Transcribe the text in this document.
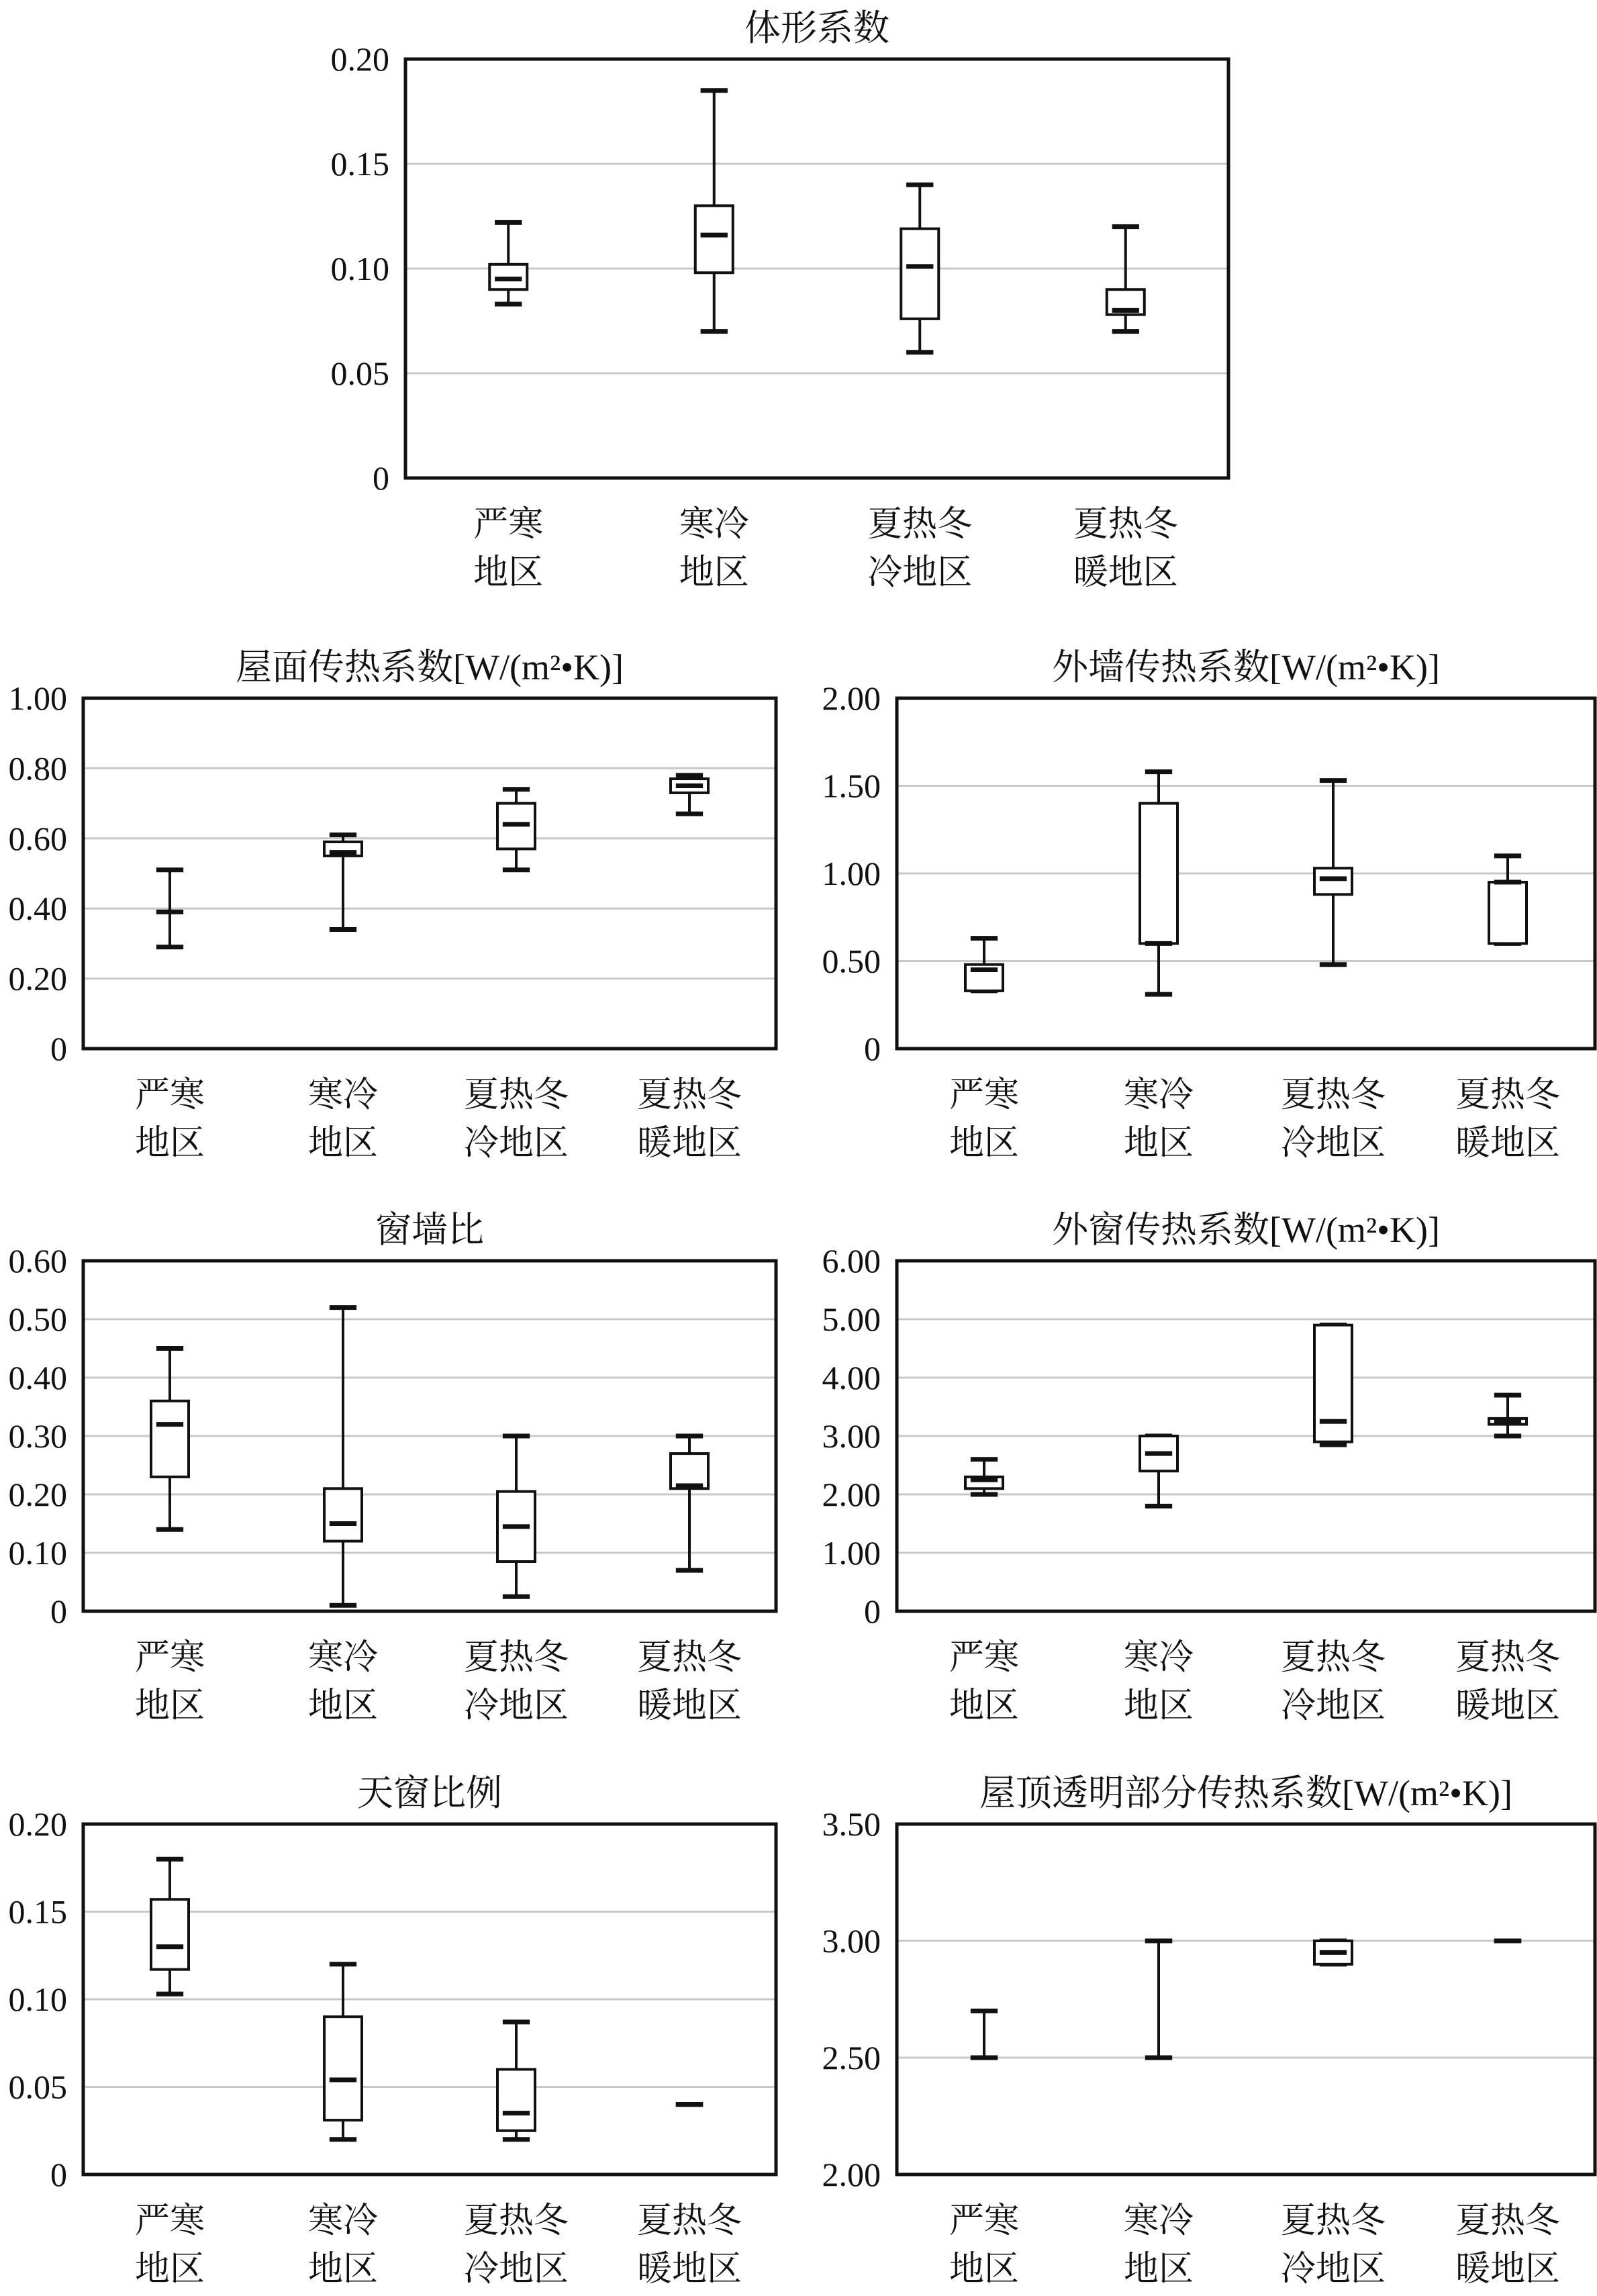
0
0.05
0.10
0.15
0.20
体形系数
严寒
地区
寒冷
地区
夏热冬
冷地区
夏热冬
暖地区
0
0.20
0.40
0.60
0.80
1.00
屋面传热系数[W/(m²•K)]
严寒
地区
寒冷
地区
夏热冬
冷地区
夏热冬
暖地区
0
0.50
1.00
1.50
2.00
外墙传热系数[W/(m²•K)]
严寒
地区
寒冷
地区
夏热冬
冷地区
夏热冬
暖地区
0
0.10
0.20
0.30
0.40
0.50
0.60
窗墙比
严寒
地区
寒冷
地区
夏热冬
冷地区
夏热冬
暖地区
0
1.00
2.00
3.00
4.00
5.00
6.00
外窗传热系数[W/(m²•K)]
严寒
地区
寒冷
地区
夏热冬
冷地区
夏热冬
暖地区
0
0.05
0.10
0.15
0.20
天窗比例
严寒
地区
寒冷
地区
夏热冬
冷地区
夏热冬
暖地区
2.00
2.50
3.00
3.50
屋顶透明部分传热系数[W/(m²•K)]
严寒
地区
寒冷
地区
夏热冬
冷地区
夏热冬
暖地区
